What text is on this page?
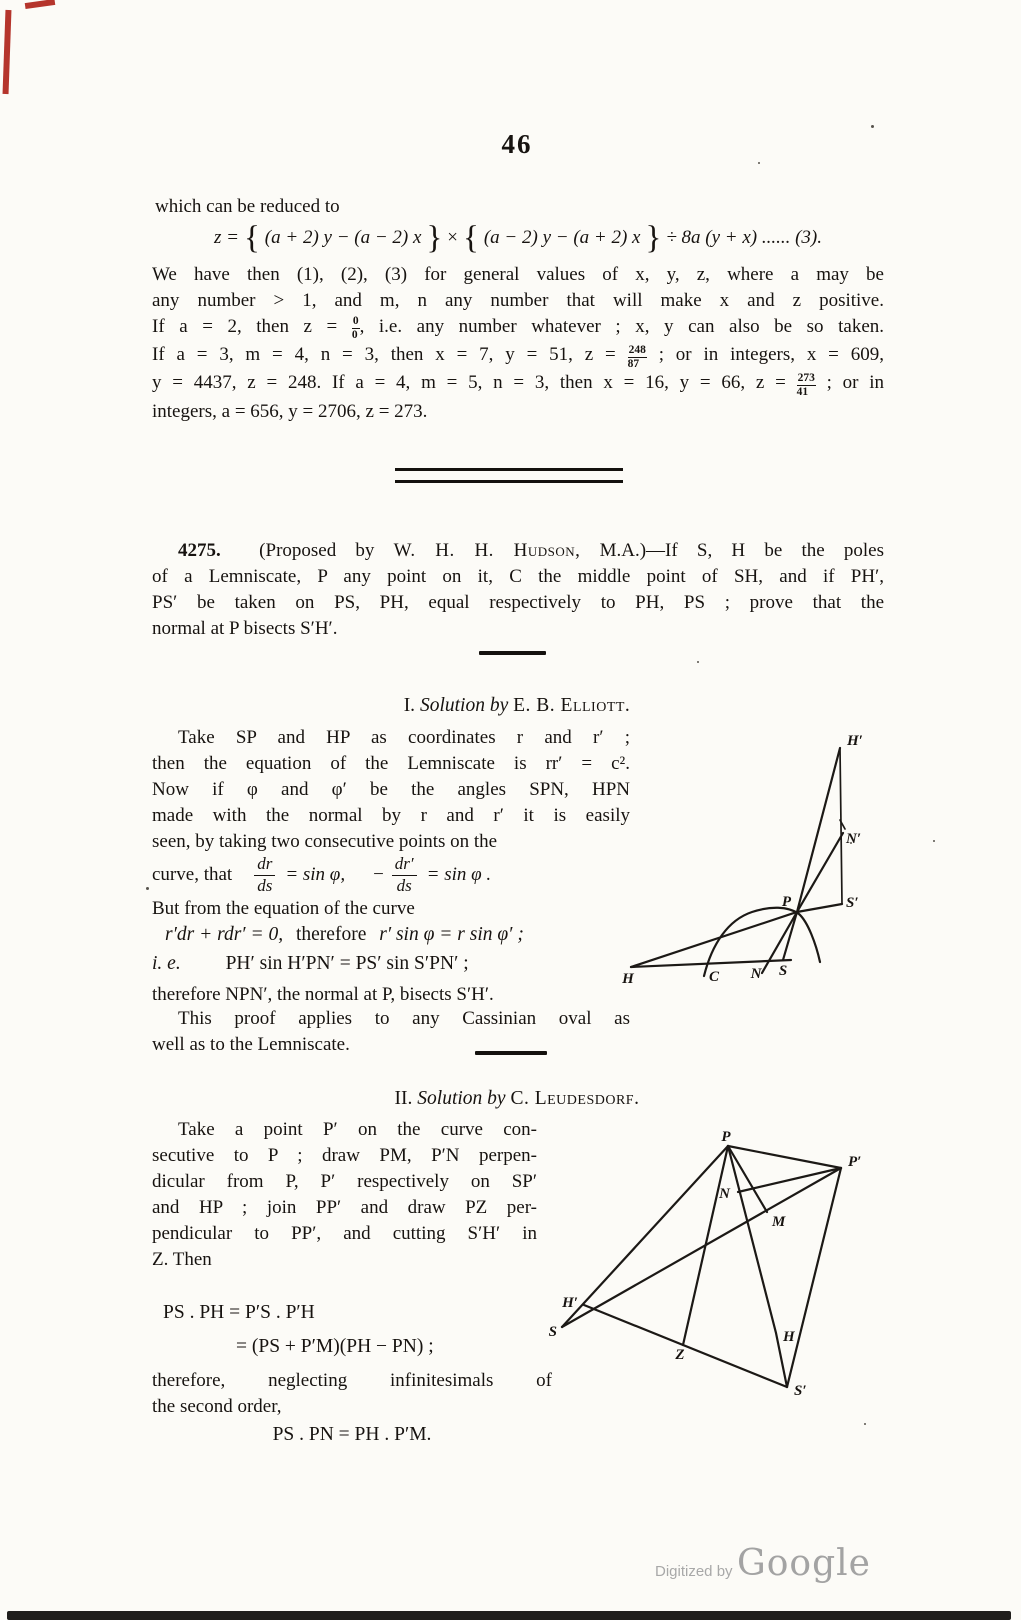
46
which can be reduced to
z = { (a + 2) y − (a − 2) x } × { (a − 2) y − (a + 2) x } ÷ 8a (y + x) ...... (3).
We have then (1), (2), (3) for general values of x, y, z, where a may be
any number > 1, and m, n any number that will make x and z positive.
If a = 2, then $z = \frac{0}{0}$ , i.e. any number whatever ; x, y can also be so taken.
If a = 3, m = 4, n = 3, then x = 7, y = 51, $z = \frac{248}{87}$ ; or in integers, x = 609,
y = 4437, z = 248. If a = 4, m = 5, n = 3, then x = 16, y = 66, $z = \frac{273}{41}$ ; or in
integers, a = 656, y = 2706, z = 273.
4275. (Proposed by W. H. H. Hudson, M.A.)—If S, H be the poles
of a Lemniscate, P any point on it, C the middle point of SH, and if PH′,
PS′ be taken on PS, PH, equal respectively to PH, PS ; prove that the
normal at P bisects S′H′.
I. Solution by E. B. Elliott.
Take SP and HP as coordinates r and r′ ;
then the equation of the Lemniscate is rr′ = c².
Now if φ and φ′ be the angles SPN, HPN
made with the normal by r and r′ it is easily
seen, by taking two consecutive points on the
curve, that $\frac{dr}{ds} = \sin \varphi$, − $\frac{dr'}{ds} = \sin \varphi$ .
But from the equation of the curve
r′dr + rdr′ = 0, therefore r′ sin φ = r sin φ′ ;
i. e. PH′ sin H′PN′ = PS′ sin S′PN′ ;
therefore NPN′, the normal at P, bisects S′H′.
This proof applies to any Cassinian oval as
well as to the Lemniscate.
II. Solution by C. Leudesdorf.
Take a point P′ on the curve con-
secutive to P ; draw PM, P′N perpen-
dicular from P, P′ respectively on SP′
and HP ; join PP′ and draw PZ per-
pendicular to PP′, and cutting S′H′ in
Z. Then
PS . PH = P′S . P′H
= (PS + P′M)(PH − PN) ;
therefore, neglecting infinitesimals of
the second order,
PS . PN = PH . P′M.
H′
N′
S′
P
H	C N S
P
P′
N
M
H′
S
Z
H
S′
Digitized by Google
